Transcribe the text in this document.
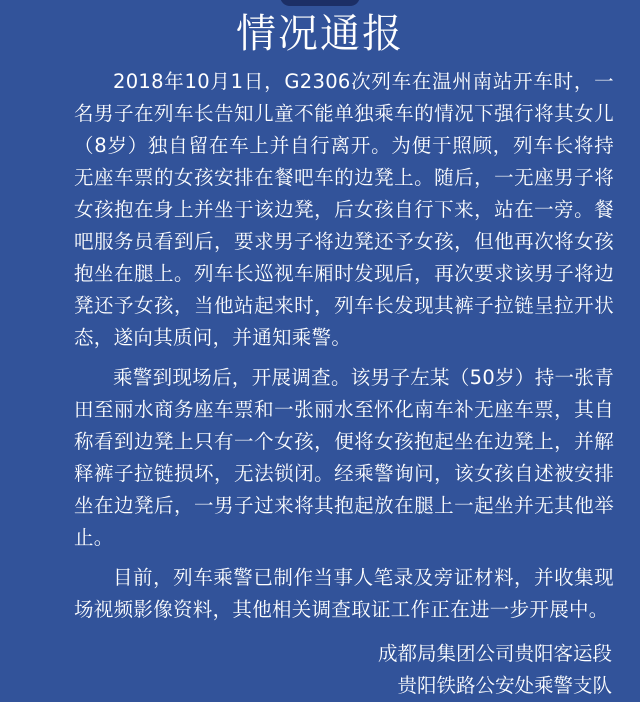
情况通报

2018年10月1日，G2306次列车在温州南站开车时，一名男子在列车长告知儿童不能单独乘车的情况下强行将其女儿（8岁）独自留在车上并自行离开。为便于照顾，列车长将持无座车票的女孩安排在餐吧车的边凳上。随后，一无座男子将女孩抱在身上并坐于该边凳，后女孩自行下来，站在一旁。餐吧服务员看到后，要求男子将边凳还予女孩，但他再次将女孩抱坐在腿上。列车长巡视车厢时发现后，再次要求该男子将边凳还予女孩，当他站起来时，列车长发现其裤子拉链呈拉开状态，遂向其质问，并通知乘警。

乘警到现场后，开展调查。该男子左某（50岁）持一张青田至丽水商务座车票和一张丽水至怀化南车补无座车票，其自称看到边凳上只有一个女孩，便将女孩抱起坐在边凳上，并解释裤子拉链损坏，无法锁闭。经乘警询问，该女孩自述被安排坐在边凳后，一男子过来将其抱起放在腿上一起坐并无其他举止。

目前，列车乘警已制作当事人笔录及旁证材料，并收集现场视频影像资料，其他相关调查取证工作正在进一步开展中。

成都局集团公司贵阳客运段
贵阳铁路公安处乘警支队
